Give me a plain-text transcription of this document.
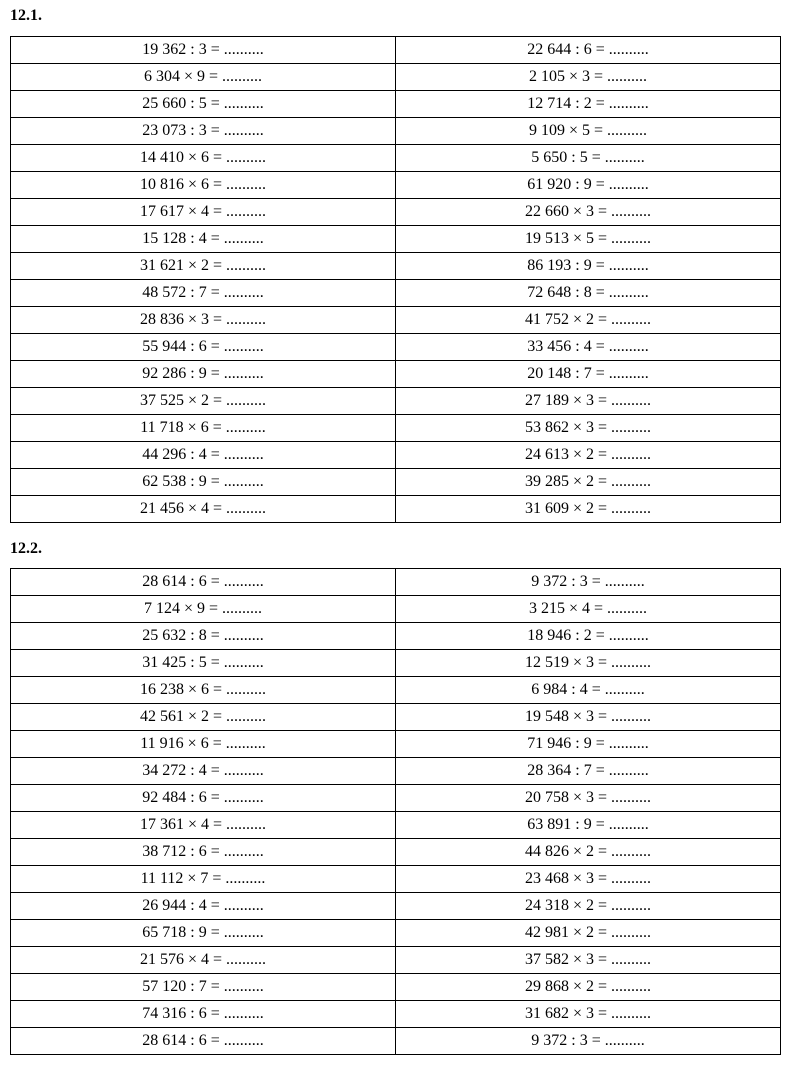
12.1.
19 362 : 3 = ..........	22 644 : 6 = ..........
6 304 × 9 = ..........	2 105 × 3 = ..........
25 660 : 5 = ..........	12 714 : 2 = ..........
23 073 : 3 = ..........	9 109 × 5 = ..........
14 410 × 6 = ..........	5 650 : 5 = ..........
10 816 × 6 = ..........	61 920 : 9 = ..........
17 617 × 4 = ..........	22 660 × 3 = ..........
15 128 : 4 = ..........	19 513 × 5 = ..........
31 621 × 2 = ..........	86 193 : 9 = ..........
48 572 : 7 = ..........	72 648 : 8 = ..........
28 836 × 3 = ..........	41 752 × 2 = ..........
55 944 : 6 = ..........	33 456 : 4 = ..........
92 286 : 9 = ..........	20 148 : 7 = ..........
37 525 × 2 = ..........	27 189 × 3 = ..........
11 718 × 6 = ..........	53 862 × 3 = ..........
44 296 : 4 = ..........	24 613 × 2 = ..........
62 538 : 9 = ..........	39 285 × 2 = ..........
21 456 × 4 = ..........	31 609 × 2 = ..........
12.2.
28 614 : 6 = ..........	9 372 : 3 = ..........
7 124 × 9 = ..........	3 215 × 4 = ..........
25 632 : 8 = ..........	18 946 : 2 = ..........
31 425 : 5 = ..........	12 519 × 3 = ..........
16 238 × 6 = ..........	6 984 : 4 = ..........
42 561 × 2 = ..........	19 548 × 3 = ..........
11 916 × 6 = ..........	71 946 : 9 = ..........
34 272 : 4 = ..........	28 364 : 7 = ..........
92 484 : 6 = ..........	20 758 × 3 = ..........
17 361 × 4 = ..........	63 891 : 9 = ..........
38 712 : 6 = ..........	44 826 × 2 = ..........
11 112 × 7 = ..........	23 468 × 3 = ..........
26 944 : 4 = ..........	24 318 × 2 = ..........
65 718 : 9 = ..........	42 981 × 2 = ..........
21 576 × 4 = ..........	37 582 × 3 = ..........
57 120 : 7 = ..........	29 868 × 2 = ..........
74 316 : 6 = ..........	31 682 × 3 = ..........
28 614 : 6 = ..........	9 372 : 3 = ..........
